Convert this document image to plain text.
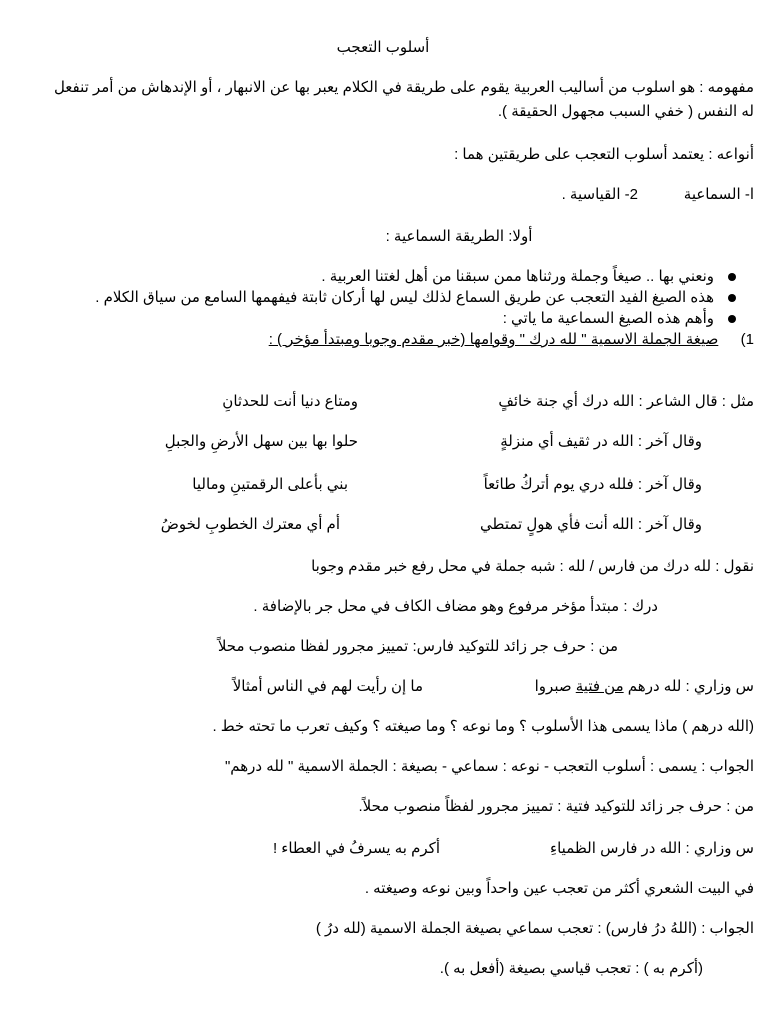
أسلوب التعجب
مفهومه : هو اسلوب من أساليب العربية يقوم على طريقة في الكلام يعبر بها عن الانبهار ، أو الإندهاش من أمر تنفعل
له النفس ( خفي السبب مجهول الحقيقة ).
أنواعه : يعتمد أسلوب التعجب على طريقتين هما :
ا- السماعية
2- القياسية .
أولا: الطريقة السماعية :
ونعني بها .. صيغاً وجملة ورثناها ممن سبقنا من أهل لغتنا العربية .
هذه الصيغ الفيد التعجب عن طريق السماع لذلك ليس لها أركان ثابتة فيفهمها السامع من سياق الكلام .
وأهم هذه الصيغ السماعية ما ياتي :
1)  صيغة الجملة الاسمية " لله درك " وقوامها (خبر مقدم وجوبا ومبتدأ مؤخر ) :
مثل : قال الشاعر : الله درك أي جنة خائفٍ
ومتاع دنيا أنت للحدثانِ
وقال آخر : الله در ثقيف أي منزلةٍ
حلوا بها بين سهل الأرضِ والجبلِ
وقال آخر : فلله دري يوم أتركُ طائعاً
بني بأعلى الرقمتينِ وماليا
وقال آخر : الله أنت فأي هولٍ تمتطي
أم أي معترك الخطوبِ لخوضُ
نقول : لله درك من فارس / لله : شبه جملة في محل رفع خبر مقدم وجوبا
درك : مبتدأ مؤخر مرفوع وهو مضاف الكاف في محل جر بالإضافة .
من : حرف جر زائد للتوكيد فارس: تمييز مجرور لفظا منصوب محلاً
س وزاري : لله درهم من فتية صبروا
ما إن رأيت لهم في الناس أمثالاً
(الله درهم ) ماذا يسمى هذا الأسلوب ؟ وما نوعه ؟ وما صيغته ؟ وكيف تعرب ما تحته خط .
الجواب : يسمى : أسلوب التعجب - نوعه : سماعي - بصيغة : الجملة الاسمية " لله درهم"
من : حرف جر زائد للتوكيد فتية : تمييز مجرور لفظاً منصوب محلاً.
س وزاري : الله در فارس الظمياءِ
أكرم به يسرفُ في العطاء !
في البيت الشعري أكثر من تعجب عين واحداً وبين نوعه وصيغته .
الجواب : (اللهُ درُ فارس) : تعجب سماعي بصيغة الجملة الاسمية (لله درُ )
(أكرم به ) : تعجب قياسي بصيغة (أفعل به ).
